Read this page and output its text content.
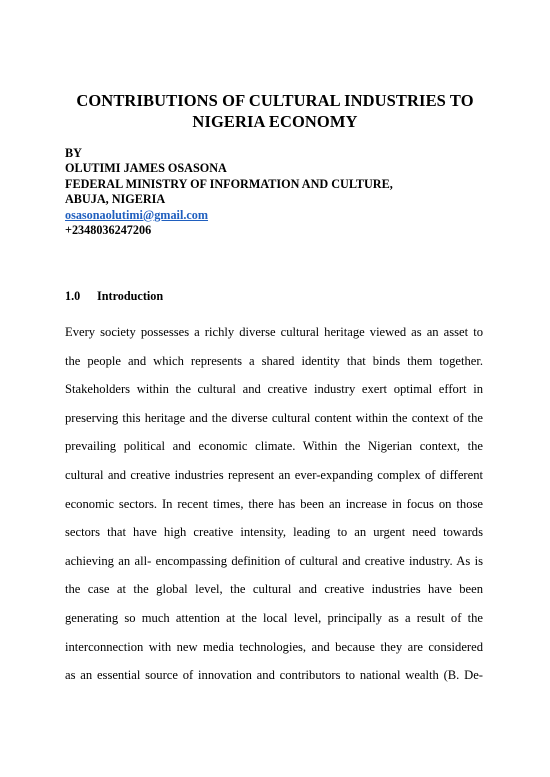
CONTRIBUTIONS OF CULTURAL INDUSTRIES TO
NIGERIA ECONOMY
BY
OLUTIMI JAMES OSASONA
FEDERAL MINISTRY OF INFORMATION AND CULTURE,
ABUJA, NIGERIA
osasonaolutimi@gmail.com
+2348036247206
1.0 Introduction
Every society possesses a richly diverse cultural heritage viewed as an asset to
the people and which represents a shared identity that binds them together.
Stakeholders within the cultural and creative industry exert optimal effort in
preserving this heritage and the diverse cultural content within the context of the
prevailing political and economic climate. Within the Nigerian context, the
cultural and creative industries represent an ever-expanding complex of different
economic sectors. In recent times, there has been an increase in focus on those
sectors that have high creative intensity, leading to an urgent need towards
achieving an all- encompassing definition of cultural and creative industry. As is
the case at the global level, the cultural and creative industries have been
generating so much attention at the local level, principally as a result of the
interconnection with new media technologies, and because they are considered
as an essential source of innovation and contributors to national wealth (B. De-
